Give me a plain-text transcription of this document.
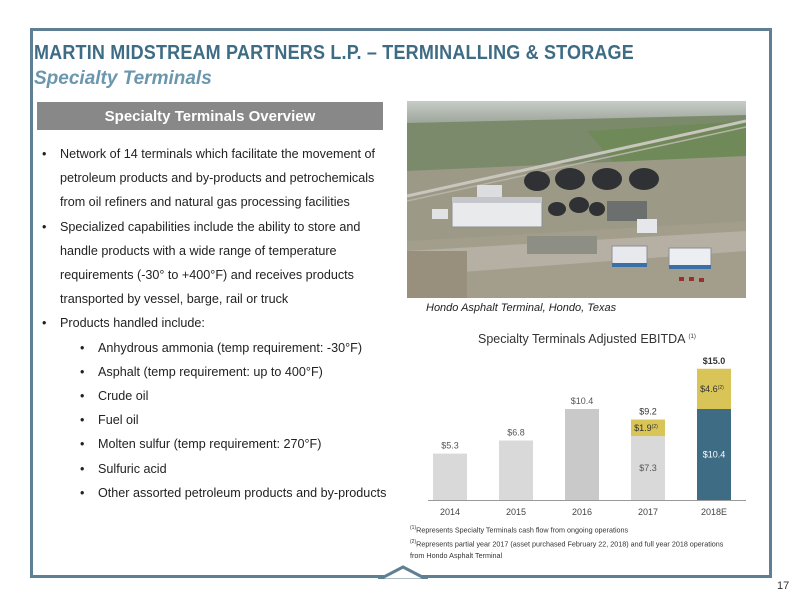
MARTIN MIDSTREAM PARTNERS L.P. – TERMINALLING & STORAGE
Specialty Terminals
Specialty Terminals Overview
• Network of 14 terminals which facilitate the movement of petroleum products and by-products and petrochemicals from oil refiners and natural gas processing facilities
• Specialized capabilities include the ability to store and handle products with a wide range of temperature requirements (-30° to +400°F) and receives products transported by vessel, barge, rail or truck
• Products handled include:
• Anhydrous ammonia (temp requirement: -30°F)
• Asphalt (temp requirement: up to 400°F)
• Crude oil
• Fuel oil
• Molten sulfur (temp requirement: 270°F)
• Sulfuric acid
• Other assorted petroleum products and by-products
Hondo Asphalt Terminal, Hondo, Texas
Specialty Terminals Adjusted EBITDA $^{(1)}$
$5.3
2014
$6.8
2015
$10.4
2016
$7.3
$1.9$^{(2)}$
$9.2
2017
$10.4
$4.6$^{(2)}$
$15.0
2018E
$^{(1)}$Represents Specialty Terminals cash flow from ongoing operations
$^{(2)}$Represents partial year 2017 (asset purchased February 22, 2018) and full year 2018 operations
from Hondo Asphalt Terminal
17
